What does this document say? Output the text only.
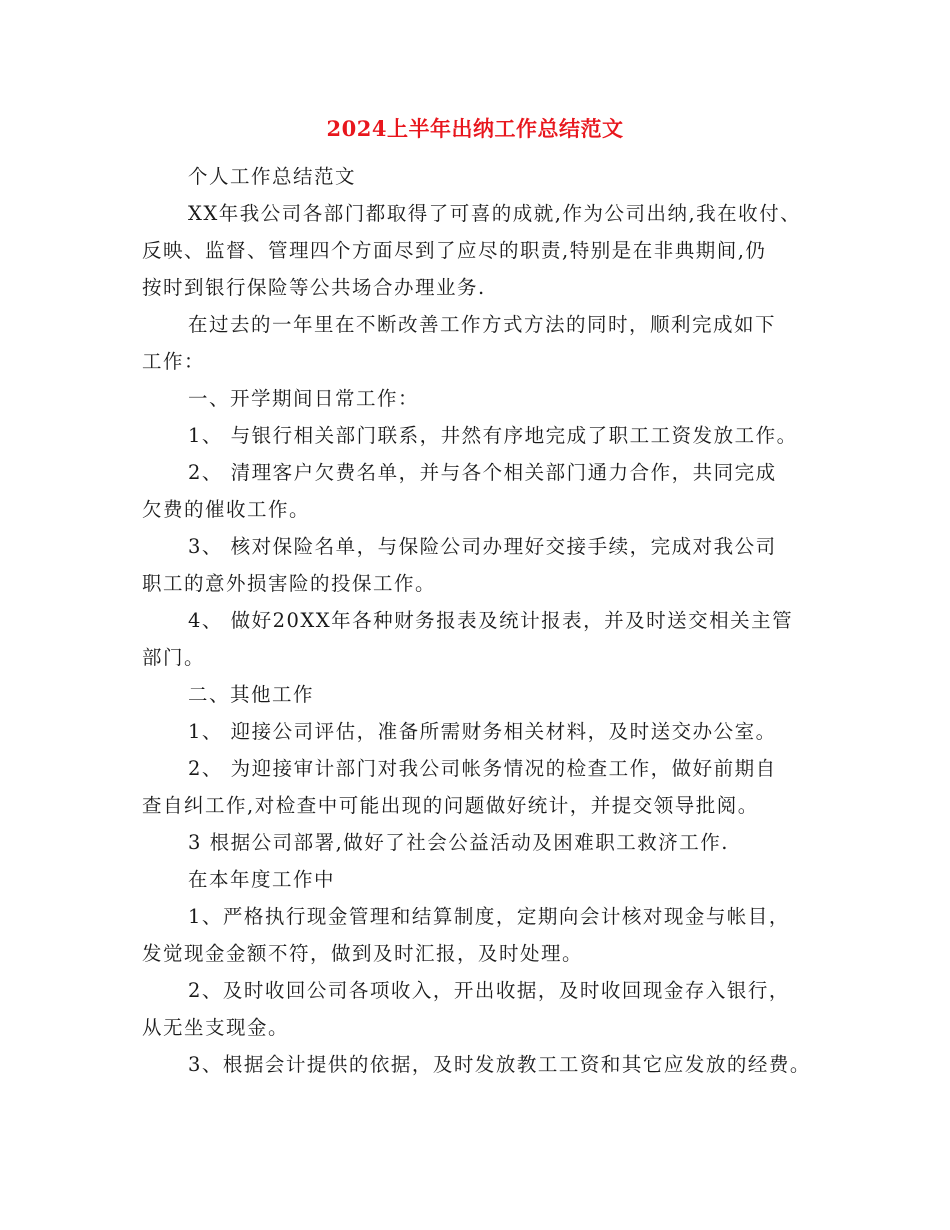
2024上半年出纳工作总结范文
个人工作总结范文
XX年我公司各部门都取得了可喜的成就,作为公司出纳,我在收付、
反映、监督、管理四个方面尽到了应尽的职责,特别是在非典期间,仍
按时到银行保险等公共场合办理业务.
在过去的一年里在不断改善工作方式方法的同时，顺利完成如下
工作：
一、开学期间日常工作：
1、 与银行相关部门联系，井然有序地完成了职工工资发放工作。
2、 清理客户欠费名单，并与各个相关部门通力合作，共同完成
欠费的催收工作。
3、 核对保险名单，与保险公司办理好交接手续，完成对我公司
职工的意外损害险的投保工作。
4、 做好20XX年各种财务报表及统计报表，并及时送交相关主管
部门。
二、其他工作
1、 迎接公司评估，准备所需财务相关材料，及时送交办公室。
2、 为迎接审计部门对我公司帐务情况的检查工作，做好前期自
查自纠工作,对检查中可能出现的问题做好统计，并提交领导批阅。
3 根据公司部署,做好了社会公益活动及困难职工救济工作.
在本年度工作中
1、严格执行现金管理和结算制度，定期向会计核对现金与帐目，
发觉现金金额不符，做到及时汇报，及时处理。
2、及时收回公司各项收入，开出收据，及时收回现金存入银行，
从无坐支现金。
3、根据会计提供的依据，及时发放教工工资和其它应发放的经费。
